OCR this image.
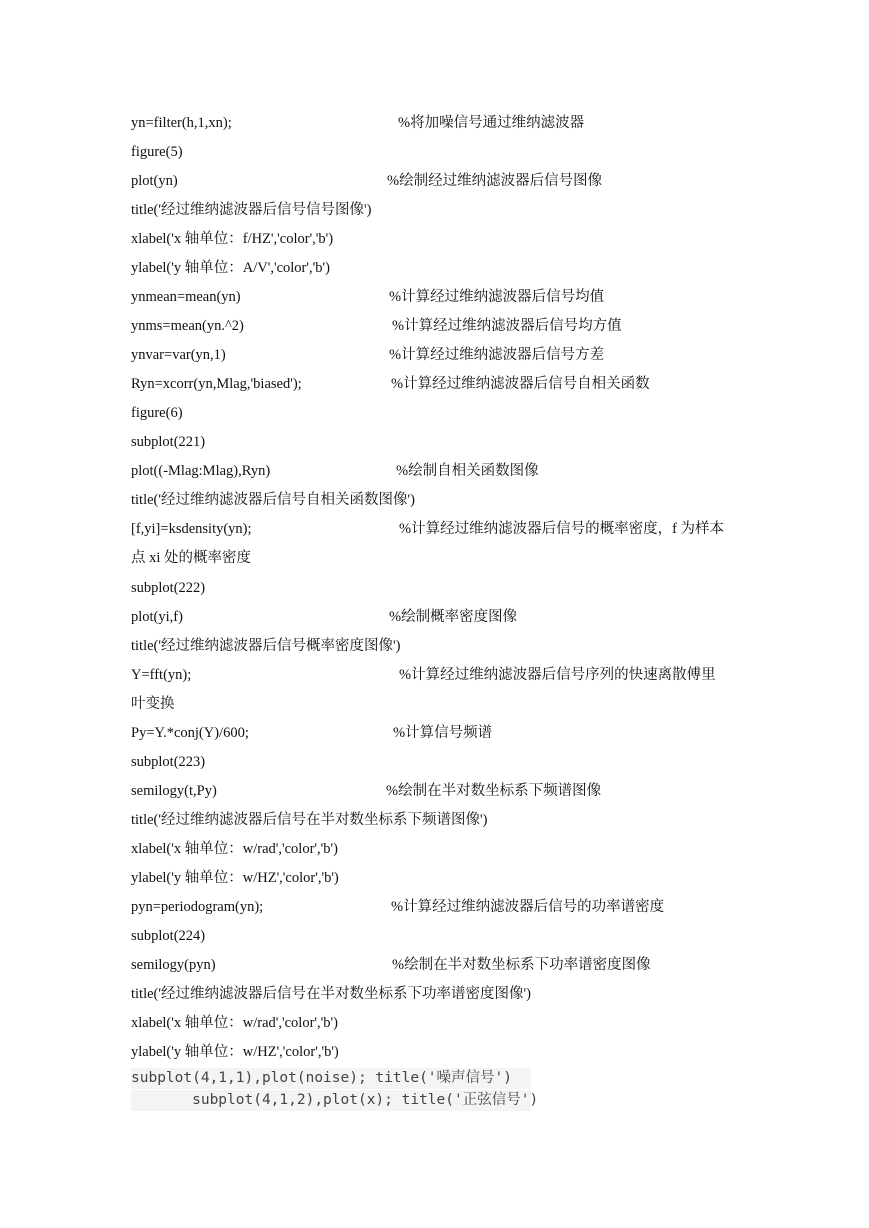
yn=filter(h,1,xn);	%将加噪信号通过维纳滤波器
figure(5)
plot(yn)	%绘制经过维纳滤波器后信号图像
title('经过维纳滤波器后信号信号图像')
xlabel('x 轴单位：f/HZ','color','b')
ylabel('y 轴单位：A/V','color','b')
ynmean=mean(yn)	%计算经过维纳滤波器后信号均值
ynms=mean(yn.^2)	%计算经过维纳滤波器后信号均方值
ynvar=var(yn,1)	%计算经过维纳滤波器后信号方差
Ryn=xcorr(yn,Mlag,'biased');	%计算经过维纳滤波器后信号自相关函数
figure(6)
subplot(221)
plot((-Mlag:Mlag),Ryn)	%绘制自相关函数图像
title('经过维纳滤波器后信号自相关函数图像')
[f,yi]=ksdensity(yn);	%计算经过维纳滤波器后信号的概率密度，f 为样本
点 xi 处的概率密度
subplot(222)
plot(yi,f)	%绘制概率密度图像
title('经过维纳滤波器后信号概率密度图像')
Y=fft(yn);	%计算经过维纳滤波器后信号序列的快速离散傅里
叶变换
Py=Y.*conj(Y)/600;	%计算信号频谱
subplot(223)
semilogy(t,Py)	%绘制在半对数坐标系下频谱图像
title('经过维纳滤波器后信号在半对数坐标系下频谱图像')
xlabel('x 轴单位：w/rad','color','b')
ylabel('y 轴单位：w/HZ','color','b')
pyn=periodogram(yn);	%计算经过维纳滤波器后信号的功率谱密度
subplot(224)
semilogy(pyn)	%绘制在半对数坐标系下功率谱密度图像
title('经过维纳滤波器后信号在半对数坐标系下功率谱密度图像')
xlabel('x 轴单位：w/rad','color','b')
ylabel('y 轴单位：w/HZ','color','b')
subplot(4,1,1),plot(noise); title('噪声信号')
subplot(4,1,2),plot(x); title('正弦信号')
